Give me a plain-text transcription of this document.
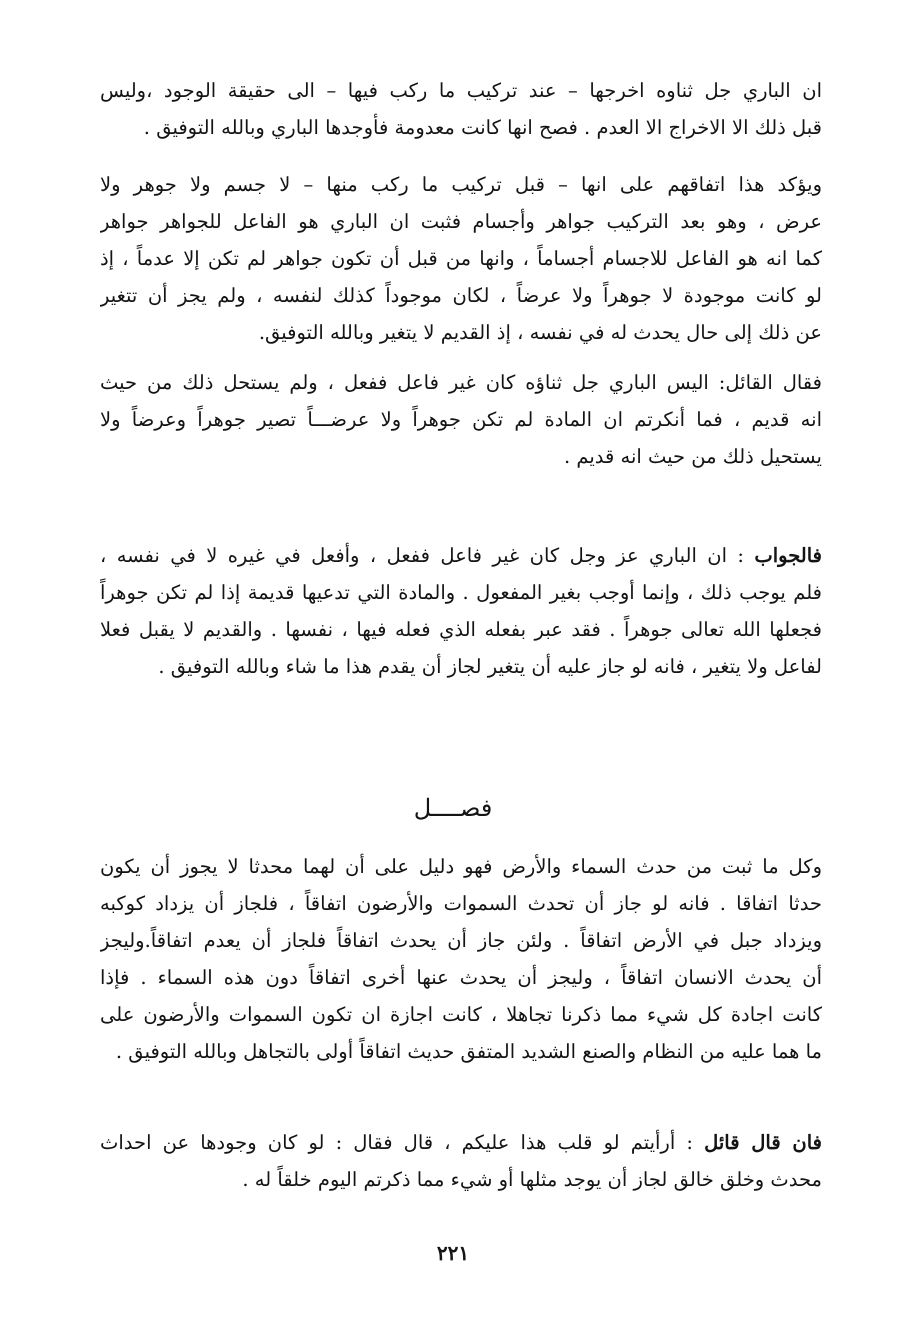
ان الباري جل ثناوه اخرجها – عند تركيب ما ركب فيها – الى حقيقة الوجود ،وليس
قبل ذلك الا الاخراج الا العدم . فصح انها كانت معدومة فأوجدها الباري وبالله التوفيق .
ويؤكد هذا اتفاقهم على انها – قبل تركيب ما ركب منها – لا جسم ولا جوهر ولا
عرض ، وهو بعد التركيب جواهر وأجسام فثبت ان الباري هو الفاعل للجواهر جواهر
كما انه هو الفاعل للاجسام أجساماً ، وانها من قبل أن تكون جواهر لم تكن إلا عدماً ، إذ
لو كانت موجودة لا جوهراً ولا عرضاً ، لكان موجوداً كذلك لنفسه ، ولم يجز أن تتغير
عن ذلك إلى حال يحدث له في نفسه ، إذ القديم لا يتغير وبالله التوفيق.
فقال القائل: اليس الباري جل ثناؤه كان غير فاعل ففعل ، ولم يستحل ذلك من حيث
انه قديم ، فما أنكرتم ان المادة لم تكن جوهراً ولا عرضـــاً تصير جوهراً وعرضاً ولا
يستحيل ذلك من حيث انه قديم .
فالجواب : ان الباري عز وجل كان غير فاعل ففعل ، وأفعل في غيره لا في نفسه ،
فلم يوجب ذلك ، وإنما أوجب بغير المفعول . والمادة التي تدعيها قديمة إذا لم تكن جوهراً
فجعلها الله تعالى جوهراً . فقد عبر بفعله الذي فعله فيها ، نفسها . والقديم لا يقبل فعلا
لفاعل ولا يتغير ، فانه لو جاز عليه أن يتغير لجاز أن يقدم هذا ما شاء وبالله التوفيق .
فصــــل
وكل ما ثبت من حدث السماء والأرض فهو دليل على أن لهما محدثا لا يجوز أن يكون
حدثا اتفاقا . فانه لو جاز أن تحدث السموات والأرضون اتفاقاً ، فلجاز أن يزداد كوكبه
ويزداد جبل في الأرض اتفاقاً . ولئن جاز أن يحدث اتفاقاً فلجاز أن يعدم اتفاقاً.وليجز
أن يحدث الانسان اتفاقاً ، وليجز أن يحدث عنها أخرى اتفاقاً دون هذه السماء . فإذا
كانت اجادة كل شيء مما ذكرنا تجاهلا ، كانت اجازة ان تكون السموات والأرضون على
ما هما عليه من النظام والصنع الشديد المتفق حديث اتفاقاً أولى بالتجاهل وبالله التوفيق .
فان قال قائل : أرأيتم لو قلب هذا عليكم ، قال فقال : لو كان وجودها عن احداث
محدث وخلق خالق لجاز أن يوجد مثلها أو شيء مما ذكرتم اليوم خلقاً له .
٢٢١
